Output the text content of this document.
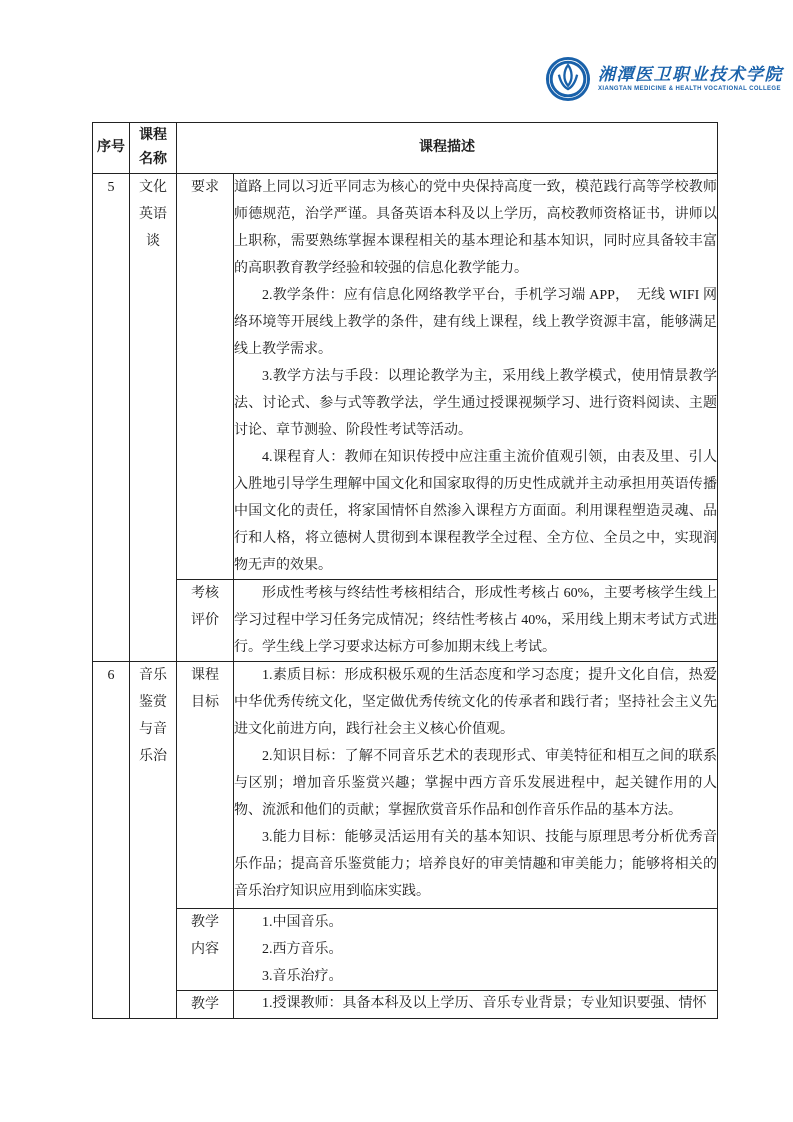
湘潭医卫职业技术学院
XIANGTAN MEDICINE & HEALTH VOCATIONAL COLLEGE
序号	课程名称	课程描述	
5	文化英语谈	要求	道路上同以习近平同志为核心的党中央保持高度一致，模范践行高等学校教师师德规范，治学严谨。具备英语本科及以上学历，高校教师资格证书，讲师以上职称，需要熟练掌握本课程相关的基本理论和基本知识，同时应具备较丰富的高职教育教学经验和较强的信息化教学能力。

2.教学条件：应有信息化网络教学平台，手机学习端 APP，  无线 WIFI 网络环境等开展线上教学的条件，建有线上课程，线上教学资源丰富，能够满足线上教学需求。

3.教学方法与手段：以理论教学为主，采用线上教学模式，使用情景教学法、讨论式、参与式等教学法，学生通过授课视频学习、进行资料阅读、主题讨论、章节测验、阶段性考试等活动。

4.课程育人：教师在知识传授中应注重主流价值观引领，由表及里、引人入胜地引导学生理解中国文化和国家取得的历史性成就并主动承担用英语传播中国文化的责任，将家国情怀自然渗入课程方方面面。利用课程塑造灵魂、品行和人格，将立德树人贯彻到本课程教学全过程、全方位、全员之中，实现润物无声的效果。

		考核评价	形成性考核与终结性考核相结合，形成性考核占 60%，主要考核学生线上学习过程中学习任务完成情况；终结性考核占 40%，采用线上期末考试方式进行。学生线上学习要求达标方可参加期末线上考试。

6	音乐鉴赏与音乐治	课程目标	1.素质目标：形成积极乐观的生活态度和学习态度；提升文化自信，热爱中华优秀传统文化，坚定做优秀传统文化的传承者和践行者；坚持社会主义先进文化前进方向，践行社会主义核心价值观。

2.知识目标：了解不同音乐艺术的表现形式、审美特征和相互之间的联系与区别；增加音乐鉴赏兴趣；掌握中西方音乐发展进程中，起关键作用的人物、流派和他们的贡献；掌握欣赏音乐作品和创作音乐作品的基本方法。

3.能力目标：能够灵活运用有关的基本知识、技能与原理思考分析优秀音乐作品；提高音乐鉴赏能力；培养良好的审美情趣和审美能力；能够将相关的音乐治疗知识应用到临床实践。

		教学内容	1.中国音乐。

2.西方音乐。

3.音乐治疗。

		教学	1.授课教师：具备本科及以上学历、音乐专业背景；专业知识要强、情怀
